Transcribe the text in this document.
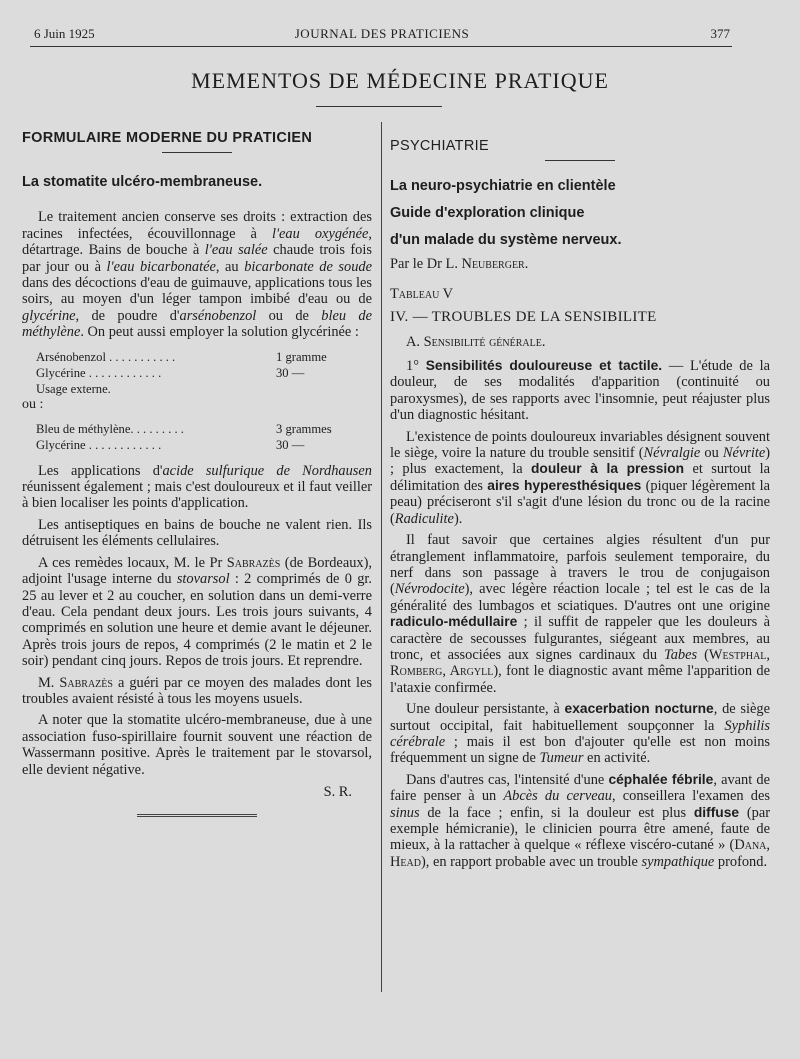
6 Juin 1925	JOURNAL DES PRATICIENS	377
MEMENTOS DE MÉDECINE PRATIQUE

FORMULAIRE MODERNE DU PRATICIEN

La stomatite ulcéro-membraneuse.

Le traitement ancien conserve ses droits : extraction des racines infectées, écouvillonnage à l'eau oxygénée, détartrage. Bains de bouche à l'eau salée chaude trois fois par jour ou à l'eau bicarbonatée, au bicarbonate de soude dans des décoctions d'eau de guimauve, applications tous les soirs, au moyen d'un léger tampon imbibé d'eau ou de glycérine, de poudre d'arsénobenzol ou de bleu de méthylène. On peut aussi employer la solution glycérinée :

Arsénobenzol . . . . . . . . . . .	1 gramme
Glycérine . . . . . . . . . . . .	30 —
Usage externe.
ou :
Bleu de méthylène. . . . . . . . .	3 grammes
Glycérine . . . . . . . . . . . .	30 —

Les applications d'acide sulfurique de Nordhausen réunissent également ; mais c'est douloureux et il faut veiller à bien localiser les points d'application.

Les antiseptiques en bains de bouche ne valent rien. Ils détruisent les éléments cellulaires.

A ces remèdes locaux, M. le Pr Sabrazès (de Bordeaux), adjoint l'usage interne du stovarsol : 2 comprimés de 0 gr. 25 au lever et 2 au coucher, en solution dans un demi-verre d'eau. Cela pendant deux jours. Les trois jours suivants, 4 comprimés en solution une heure et demie avant le déjeuner. Après trois jours de repos, 4 comprimés (2 le matin et 2 le soir) pendant cinq jours. Repos de trois jours. Et reprendre.

M. Sabrazès a guéri par ce moyen des malades dont les troubles avaient résisté à tous les moyens usuels.

A noter que la stomatite ulcéro-membraneuse, due à une association fuso-spirillaire fournit souvent une réaction de Wassermann positive. Après le traitement par le stovarsol, elle devient négative.

S. R.

PSYCHIATRIE

La neuro-psychiatrie en clientèle

Guide d'exploration clinique

d'un malade du système nerveux.

Par le Dr L. Neuberger.

Tableau V

IV. — TROUBLES DE LA SENSIBILITE

A. Sensibilité générale.

1° Sensibilités douloureuse et tactile. — L'étude de la douleur, de ses modalités d'apparition (continuité ou paroxysmes), de ses rapports avec l'insomnie, peut réajuster plus d'un diagnostic hésitant.

L'existence de points douloureux invariables désignent souvent le siège, voire la nature du trouble sensitif (Névralgie ou Névrite) ; plus exactement, la douleur à la pression et surtout la délimitation des aires hyperesthésiques (piquer légèrement la peau) préciseront s'il s'agit d'une lésion du tronc ou de la racine (Radiculite).

Il faut savoir que certaines algies résultent d'un pur étranglement inflammatoire, parfois seulement temporaire, du nerf dans son passage à travers le trou de conjugaison (Névrodocite), avec légère réaction locale ; tel est le cas de la généralité des lumbagos et sciatiques. D'autres ont une origine radiculo-médullaire ; il suffit de rappeler que les douleurs à caractère de secousses fulgurantes, siégeant aux membres, au tronc, et associées aux signes cardinaux du Tabes (Westphal, Romberg, Argyll), font le diagnostic avant même l'apparition de l'ataxie confirmée.

Une douleur persistante, à exacerbation nocturne, de siège surtout occipital, fait habituellement soupçonner la Syphilis cérébrale ; mais il est bon d'ajouter qu'elle est non moins fréquemment un signe de Tumeur en activité.

Dans d'autres cas, l'intensité d'une céphalée fébrile, avant de faire penser à un Abcès du cerveau, conseillera l'examen des sinus de la face ; enfin, si la douleur est plus diffuse (par exemple hémicranie), le clinicien pourra être amené, faute de mieux, à la rattacher à quelque « réflexe viscéro-cutané » (Dana, Head), en rapport probable avec un trouble sympathique profond.
